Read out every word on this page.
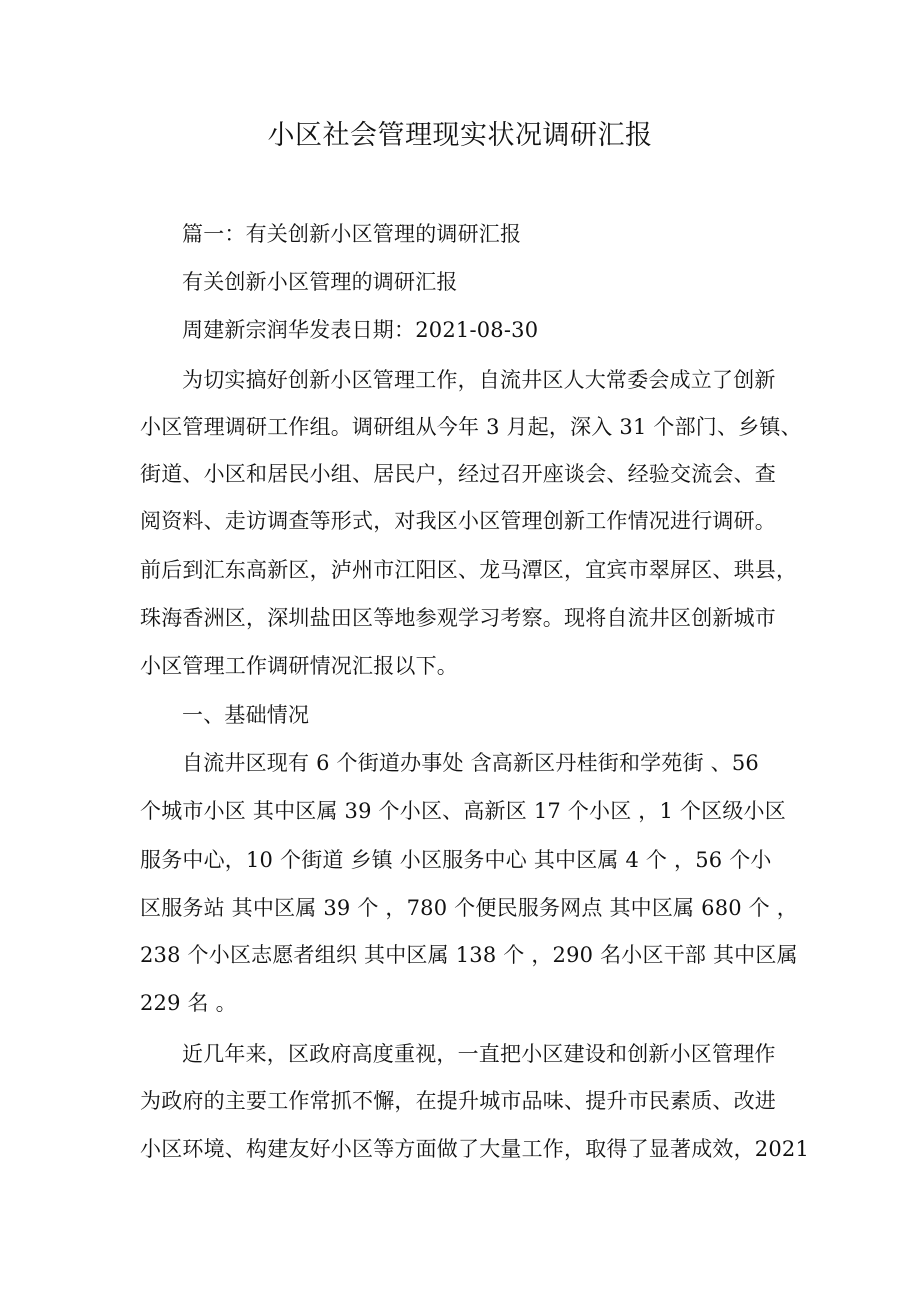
小区社会管理现实状况调研汇报
篇一：有关创新小区管理的调研汇报
有关创新小区管理的调研汇报
周建新宗润华发表日期：2021-08-30
为切实搞好创新小区管理工作，自流井区人大常委会成立了创新
小区管理调研工作组。调研组从今年 3 月起，深入 31 个部门、乡镇、
街道、小区和居民小组、居民户，经过召开座谈会、经验交流会、查
阅资料、走访调查等形式，对我区小区管理创新工作情况进行调研。
前后到汇东高新区，泸州市江阳区、龙马潭区，宜宾市翠屏区、珙县，
珠海香洲区，深圳盐田区等地参观学习考察。现将自流井区创新城市
小区管理工作调研情况汇报以下。
一、基础情况
自流井区现有 6 个街道办事处 含高新区丹桂街和学苑街 、56
个城市小区 其中区属 39 个小区、高新区 17 个小区 ，1 个区级小区
服务中心，10 个街道 乡镇 小区服务中心 其中区属 4 个 ，56 个小
区服务站 其中区属 39 个 ，780 个便民服务网点 其中区属 680 个 ，
238 个小区志愿者组织 其中区属 138 个 ，290 名小区干部 其中区属
229 名 。
近几年来，区政府高度重视，一直把小区建设和创新小区管理作
为政府的主要工作常抓不懈，在提升城市品味、提升市民素质、改进
小区环境、构建友好小区等方面做了大量工作，取得了显著成效，2021
